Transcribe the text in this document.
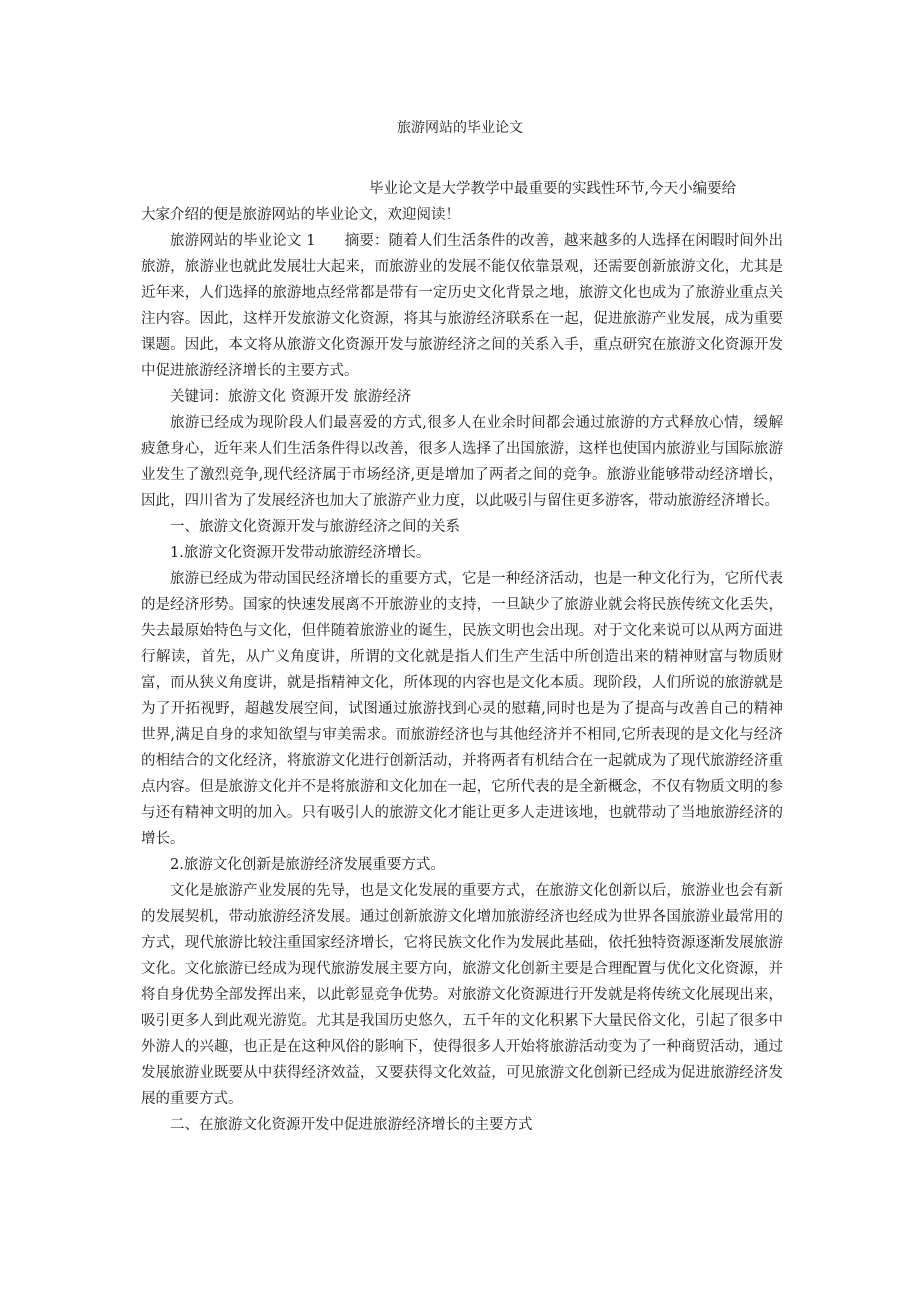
旅游网站的毕业论文

毕业论文是大学教学中最重要的实践性环节,今天小编要给
大家介绍的便是旅游网站的毕业论文，欢迎阅读！

旅游网站的毕业论文 1　　摘要：随着人们生活条件的改善，越来越多的人选择在闲暇时间外出旅游，旅游业也就此发展壮大起来，而旅游业的发展不能仅依靠景观，还需要创新旅游文化，尤其是近年来，人们选择的旅游地点经常都是带有一定历史文化背景之地，旅游文化也成为了旅游业重点关注内容。因此，这样开发旅游文化资源，将其与旅游经济联系在一起，促进旅游产业发展，成为重要课题。因此，本文将从旅游文化资源开发与旅游经济之间的关系入手，重点研究在旅游文化资源开发中促进旅游经济增长的主要方式。

关键词：旅游文化 资源开发 旅游经济

旅游已经成为现阶段人们最喜爱的方式,很多人在业余时间都会通过旅游的方式释放心情，缓解疲惫身心，近年来人们生活条件得以改善，很多人选择了出国旅游，这样也使国内旅游业与国际旅游业发生了激烈竞争,现代经济属于市场经济,更是增加了两者之间的竞争。旅游业能够带动经济增长，因此，四川省为了发展经济也加大了旅游产业力度，以此吸引与留住更多游客，带动旅游经济增长。

一、旅游文化资源开发与旅游经济之间的关系

1.旅游文化资源开发带动旅游经济增长。

旅游已经成为带动国民经济增长的重要方式，它是一种经济活动，也是一种文化行为，它所代表的是经济形势。国家的快速发展离不开旅游业的支持，一旦缺少了旅游业就会将民族传统文化丢失，失去最原始特色与文化，但伴随着旅游业的诞生，民族文明也会出现。对于文化来说可以从两方面进行解读，首先，从广义角度讲，所谓的文化就是指人们生产生活中所创造出来的精神财富与物质财富，而从狭义角度讲，就是指精神文化，所体现的内容也是文化本质。现阶段，人们所说的旅游就是为了开拓视野，超越发展空间，试图通过旅游找到心灵的慰藉,同时也是为了提高与改善自己的精神世界,满足自身的求知欲望与审美需求。而旅游经济也与其他经济并不相同,它所表现的是文化与经济的相结合的文化经济，将旅游文化进行创新活动，并将两者有机结合在一起就成为了现代旅游经济重点内容。但是旅游文化并不是将旅游和文化加在一起，它所代表的是全新概念，不仅有物质文明的参与还有精神文明的加入。只有吸引人的旅游文化才能让更多人走进该地，也就带动了当地旅游经济的增长。

2.旅游文化创新是旅游经济发展重要方式。

文化是旅游产业发展的先导，也是文化发展的重要方式，在旅游文化创新以后，旅游业也会有新的发展契机，带动旅游经济发展。通过创新旅游文化增加旅游经济也经成为世界各国旅游业最常用的方式，现代旅游比较注重国家经济增长，它将民族文化作为发展此基础，依托独特资源逐渐发展旅游文化。文化旅游已经成为现代旅游发展主要方向，旅游文化创新主要是合理配置与优化文化资源，并将自身优势全部发挥出来，以此彰显竞争优势。对旅游文化资源进行开发就是将传统文化展现出来，吸引更多人到此观光游览。尤其是我国历史悠久，五千年的文化积累下大量民俗文化，引起了很多中外游人的兴趣，也正是在这种风俗的影响下，使得很多人开始将旅游活动变为了一种商贸活动，通过发展旅游业既要从中获得经济效益，又要获得文化效益，可见旅游文化创新已经成为促进旅游经济发展的重要方式。

二、在旅游文化资源开发中促进旅游经济增长的主要方式
